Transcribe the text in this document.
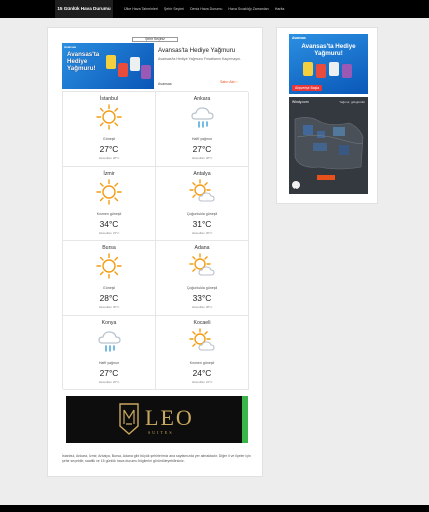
15 Günlük Hava Durumu	Ülke Hava Tahminleri Şehir Seçimi Deniz Hava Durumu Hava Sıcaklığı Zamanları Harita
Şehir Seçiniz
Avansas
Avansas'ta Hediye Yağmuru!
Avansas'ta Hediye Yağmuru
Avansas'ta Hediye Yağmuru Fırsatlarını Kaçırmayın.
Avansas	Satın Alın ›
İstanbul
Güneşli
27°C
Hissedilen 28°C
Ankara
Hafif yağmur
27°C
Hissedilen 28°C
İzmir
Kısmen güneşli
34°C
Hissedilen 33°C
Antalya
Çoğunlukla güneşli
31°C
Hissedilen 36°C
Bursa
Güneşli
28°C
Hissedilen 30°C
Adana
Çoğunlukla güneşli
33°C
Hissedilen 38°C
Konya
Hafif yağmur
27°C
Hissedilen 26°C
Kocaeli
Kısmen güneşli
24°C
Hissedilen 24°C
LEO
SUITES
İstanbul, Ankara, İzmir, Antalya, Bursa, Adana gibi büyük şehirlerimiz ana sayfamızda yer almaktadır. Diğer il ve ilçeler için şehir seçebilir, saatlik ve 15 günlük hava durumu bilgilerini görüntüleyebilirsiniz.
Avansas
Avansas'ta Hediye Yağmuru!
Alışverişe Başla
Windy.com	Yağmur, gökgürültü
